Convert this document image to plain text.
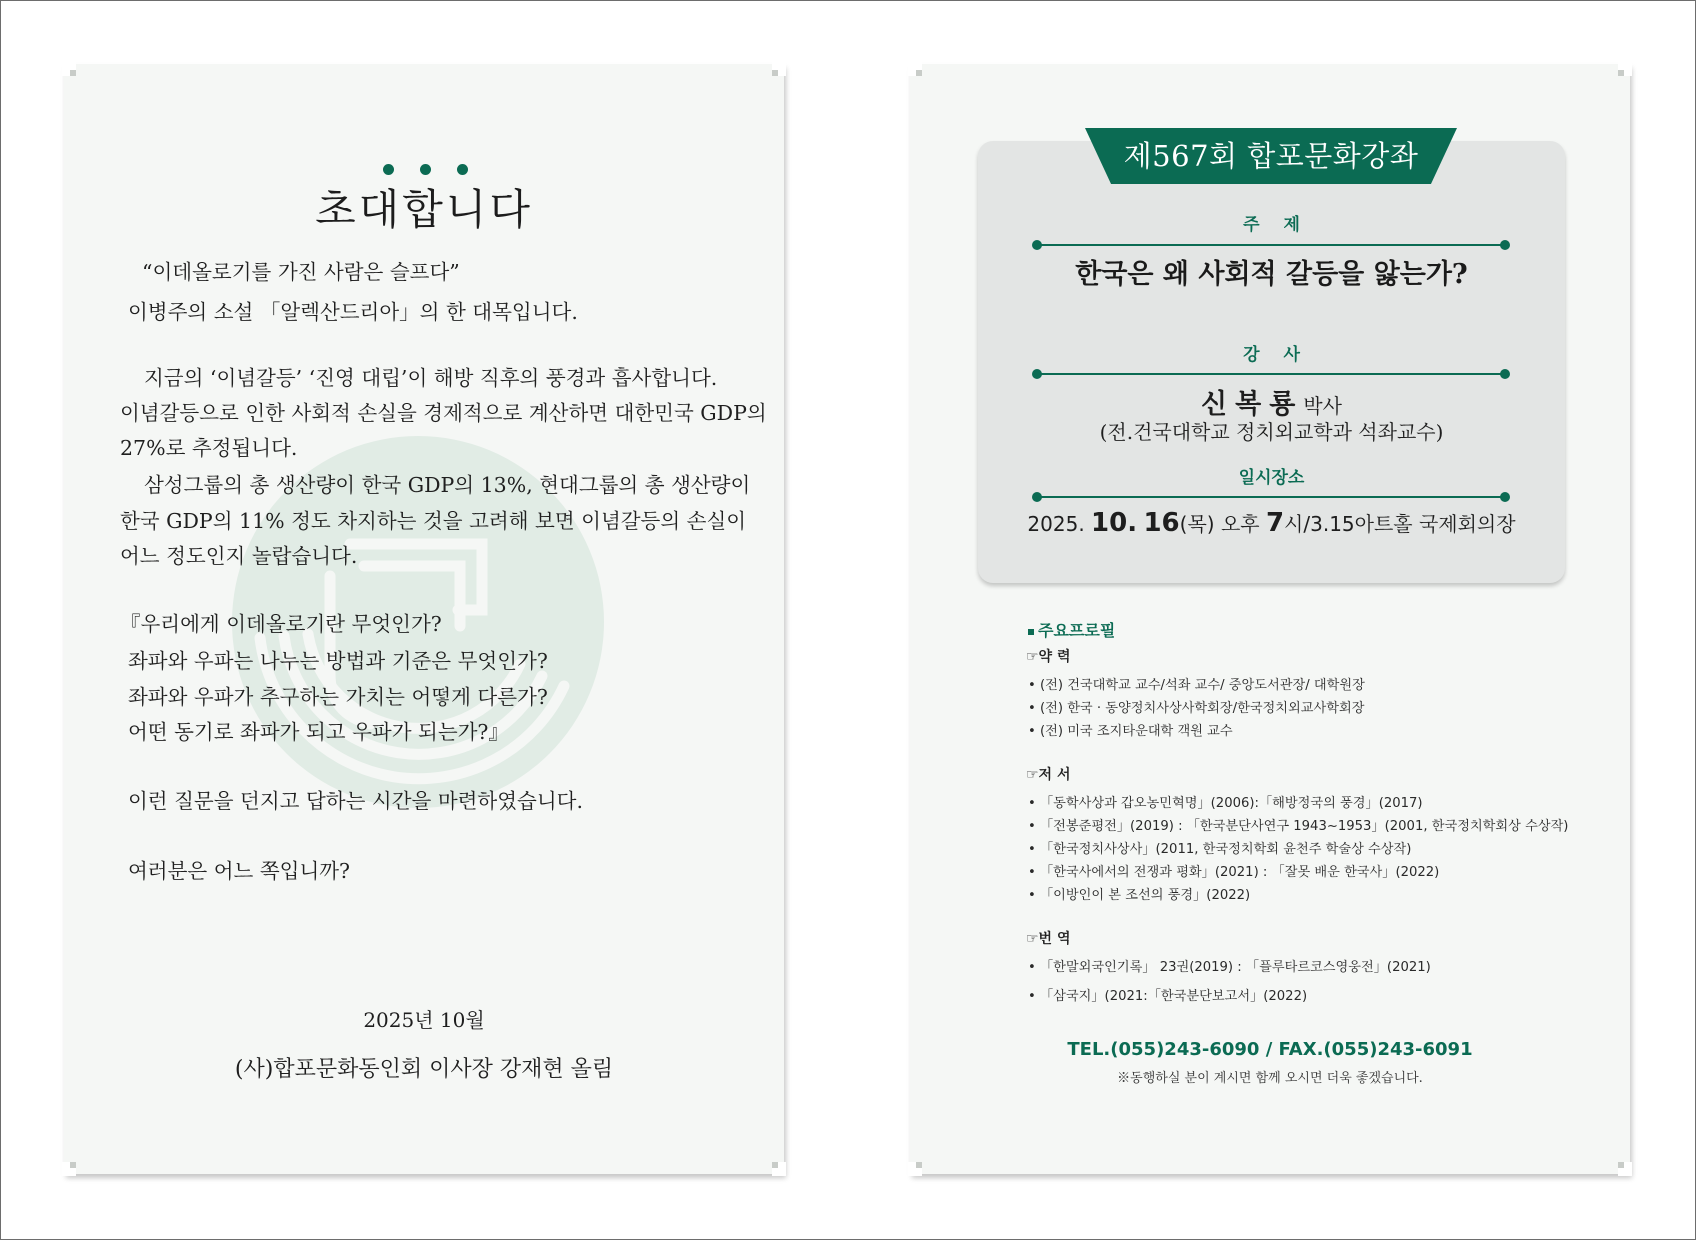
초대합니다
“이데올로기를 가진 사람은 슬프다”
이병주의 소설 「알렉산드리아」의 한 대목입니다.
지금의 ‘이념갈등’ ‘진영 대립’이 해방 직후의 풍경과 흡사합니다.
이념갈등으로 인한 사회적 손실을 경제적으로 계산하면 대한민국 GDP의
27%로 추정됩니다.
삼성그룹의 총 생산량이 한국 GDP의 13%, 현대그룹의 총 생산량이
한국 GDP의 11% 정도 차지하는 것을 고려해 보면 이념갈등의 손실이
어느 정도인지 놀랍습니다.
『우리에게 이데올로기란 무엇인가?
좌파와 우파는 나누는 방법과 기준은 무엇인가?
좌파와 우파가 추구하는 가치는 어떻게 다른가?
어떤 동기로 좌파가 되고 우파가 되는가?』
이런 질문을 던지고 답하는 시간을 마련하였습니다.
여러분은 어느 쪽입니까?
2025년 10월
(사)합포문화동인회 이사장 강재현 올림
제567회 합포문화강좌
주 제
한국은 왜 사회적 갈등을 앓는가?
강 사
신복룡박사
(전.건국대학교 정치외교학과 석좌교수)
일시장소
2025. 10. 16(목) 오후 7시/3.15아트홀 국제회의장
주요프로필
☞약 력
• (전) 건국대학교 교수/석좌 교수/ 중앙도서관장/ 대학원장
• (전) 한국 · 동양정치사상사학회장/한국정치외교사학회장
• (전) 미국 조지타운대학 객원 교수
☞저 서
• 「동학사상과 갑오농민혁명」(2006):「해방정국의 풍경」(2017)
• 「전봉준평전」(2019) : 「한국분단사연구 1943~1953」(2001, 한국정치학회상 수상작)
• 「한국정치사상사」(2011, 한국정치학회 윤천주 학술상 수상작)
• 「한국사에서의 전쟁과 평화」(2021) : 「잘못 배운 한국사」(2022)
• 「이방인이 본 조선의 풍경」(2022)
☞번 역
• 「한말외국인기록」 23권(2019) : 「플루타르코스영웅전」(2021)
• 「삼국지」(2021:「한국분단보고서」(2022)
TEL.(055)243-6090 / FAX.(055)243-6091
※동행하실 분이 계시면 함께 오시면 더욱 좋겠습니다.
